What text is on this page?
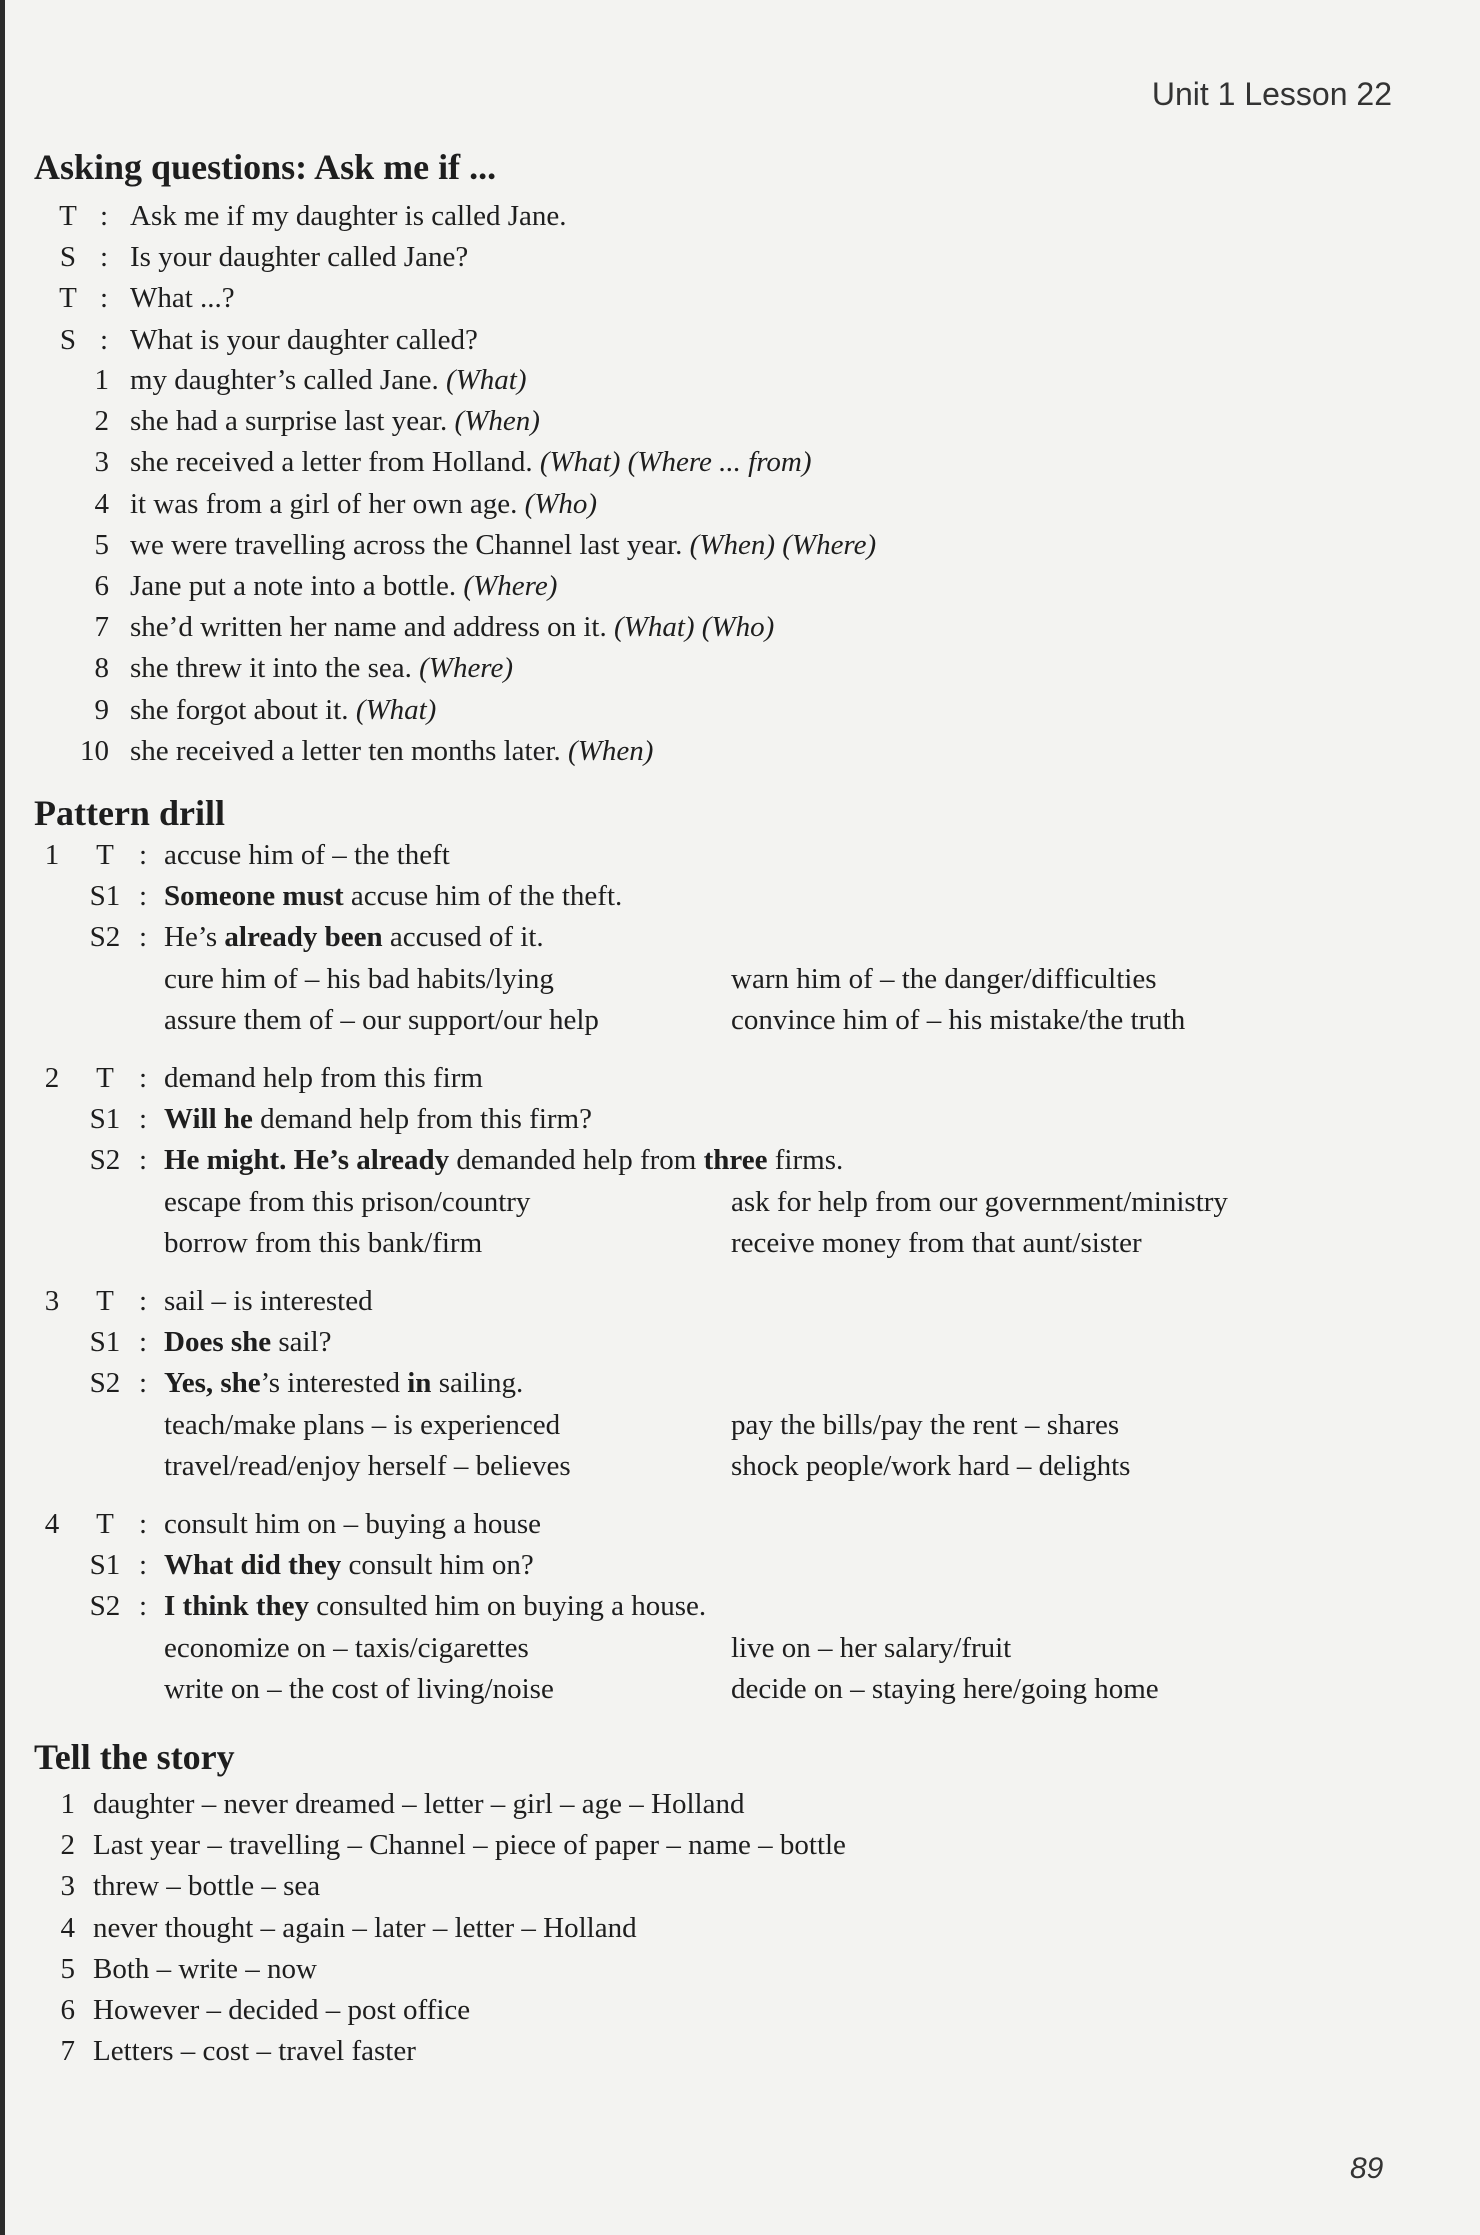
Unit 1 Lesson 22
Asking questions: Ask me if ...
T : Ask me if my daughter is called Jane.
S : Is your daughter called Jane?
T : What ...?
S : What is your daughter called?
1 my daughter’s called Jane. (What)
2 she had a surprise last year. (When)
3 she received a letter from Holland. (What) (Where ... from)
4 it was from a girl of her own age. (Who)
5 we were travelling across the Channel last year. (When) (Where)
6 Jane put a note into a bottle. (Where)
7 she’d written her name and address on it. (What) (Who)
8 she threw it into the sea. (Where)
9 she forgot about it. (What)
10 she received a letter ten months later. (When)
Pattern drill
1 T : accuse him of – the theft
S1 : Someone must accuse him of the theft.
S2 : He’s already been accused of it.
cure him of – his bad habits/lying	warn him of – the danger/difficulties
assure them of – our support/our help	convince him of – his mistake/the truth
2 T : demand help from this firm
S1 : Will he demand help from this firm?
S2 : He might. He’s already demanded help from three firms.
escape from this prison/country	ask for help from our government/ministry
borrow from this bank/firm	receive money from that aunt/sister
3 T : sail – is interested
S1 : Does she sail?
S2 : Yes, she’s interested in sailing.
teach/make plans – is experienced	pay the bills/pay the rent – shares
travel/read/enjoy herself – believes	shock people/work hard – delights
4 T : consult him on – buying a house
S1 : What did they consult him on?
S2 : I think they consulted him on buying a house.
economize on – taxis/cigarettes	live on – her salary/fruit
write on – the cost of living/noise	decide on – staying here/going home
Tell the story
1 daughter – never dreamed – letter – girl – age – Holland
2 Last year – travelling – Channel – piece of paper – name – bottle
3 threw – bottle – sea
4 never thought – again – later – letter – Holland
5 Both – write – now
6 However – decided – post office
7 Letters – cost – travel faster
89
